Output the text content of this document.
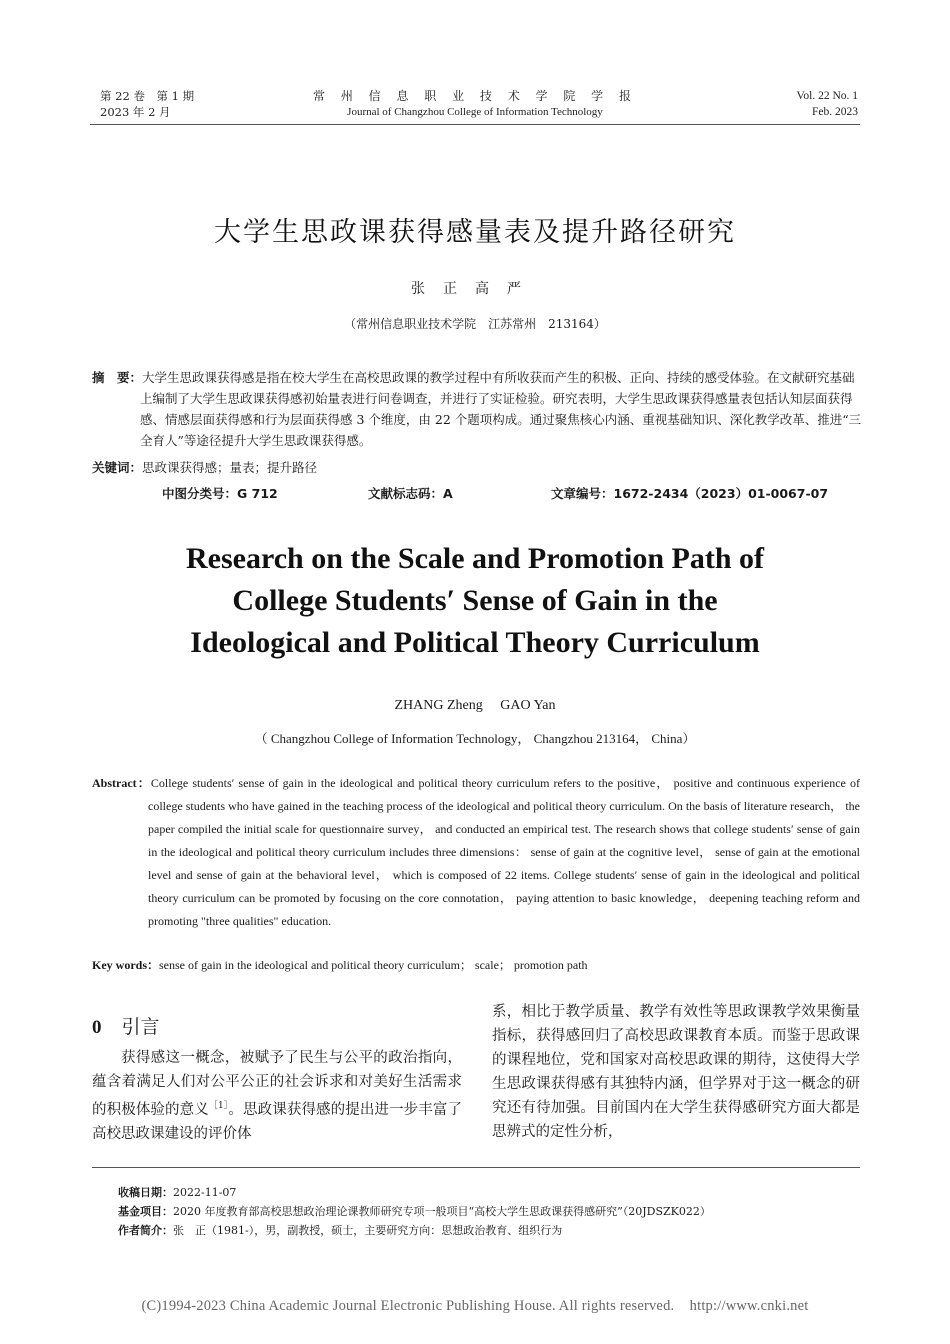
第 22 卷　第 1 期
2023 年 2 月
常 州 信 息 职 业 技 术 学 院 学 报
Journal of Changzhou College of Information Technology
Vol. 22 No. 1
Feb. 2023
大学生思政课获得感量表及提升路径研究
张正高严
（常州信息职业技术学院　江苏常州　213164）
摘　要：大学生思政课获得感是指在校大学生在高校思政课的教学过程中有所收获而产生的积极、正向、持续的感受体验。在文献研究基础上编制了大学生思政课获得感初始量表进行问卷调查，并进行了实证检验。研究表明，大学生思政课获得感量表包括认知层面获得感、情感层面获得感和行为层面获得感 3 个维度，由 22 个题项构成。通过聚焦核心内涵、重视基础知识、深化教学改革、推进“三全育人”等途径提升大学生思政课获得感。
关键词：思政课获得感；量表；提升路径
中图分类号：G 712	文献标志码：A	文章编号：1672-2434（2023）01-0067-07
Research on the Scale and Promotion Path of
College Students′ Sense of Gain in the
Ideological and Political Theory Curriculum
ZHANG Zheng　 GAO Yan
（ Changzhou College of Information Technology， Changzhou 213164， China）
Abstract：College students′ sense of gain in the ideological and political theory curriculum refers to the positive， positive and continuous experience of college students who have gained in the teaching process of the ideological and political theory curriculum. On the basis of literature research， the paper compiled the initial scale for questionnaire survey， and conducted an empirical test. The research shows that college students′ sense of gain in the ideological and political theory curriculum includes three dimensions： sense of gain at the cognitive level， sense of gain at the emotional level and sense of gain at the behavioral level， which is composed of 22 items. College students′ sense of gain in the ideological and political theory curriculum can be promoted by focusing on the core connotation， paying attention to basic knowledge， deepening teaching reform and promoting "three qualities" education.
Key words：sense of gain in the ideological and political theory curriculum； scale； promotion path
0 引言

获得感这一概念，被赋予了民生与公平的政治指向，蕴含着满足人们对公平公正的社会诉求和对美好生活需求的积极体验的意义$^{[1]}$。思政课获得感的提出进一步丰富了高校思政课建设的评价体

系，相比于教学质量、教学有效性等思政课教学效果衡量指标，获得感回归了高校思政课教育本质。而鉴于思政课的课程地位，党和国家对高校思政课的期待，这使得大学生思政课获得感有其独特内涵，但学界对于这一概念的研究还有待加强。目前国内在大学生获得感研究方面大都是思辨式的定性分析，

收稿日期：2022-11-07
基金项目：2020 年度教育部高校思想政治理论课教师研究专项一般项目“高校大学生思政课获得感研究”（20JDSZK022）
作者简介：张　正（1981-），男，副教授，硕士，主要研究方向：思想政治教育、组织行为
(C)1994-2023 China Academic Journal Electronic Publishing House. All rights reserved.    http://www.cnki.net
